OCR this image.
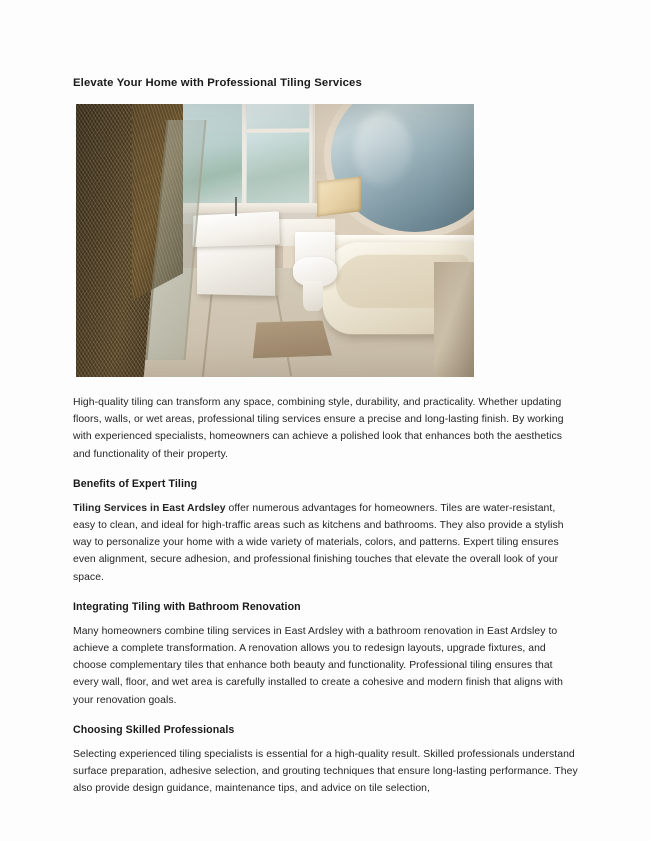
Elevate Your Home with Professional Tiling Services

High-quality tiling can transform any space, combining style, durability, and practicality. Whether updating floors, walls, or wet areas, professional tiling services ensure a precise and long-lasting finish. By working with experienced specialists, homeowners can achieve a polished look that enhances both the aesthetics and functionality of their property.

Benefits of Expert Tiling

Tiling Services in East Ardsley offer numerous advantages for homeowners. Tiles are water-resistant, easy to clean, and ideal for high-traffic areas such as kitchens and bathrooms. They also provide a stylish way to personalize your home with a wide variety of materials, colors, and patterns. Expert tiling ensures even alignment, secure adhesion, and professional finishing touches that elevate the overall look of your space.

Integrating Tiling with Bathroom Renovation

Many homeowners combine tiling services in East Ardsley with a bathroom renovation in East Ardsley to achieve a complete transformation. A renovation allows you to redesign layouts, upgrade fixtures, and choose complementary tiles that enhance both beauty and functionality. Professional tiling ensures that every wall, floor, and wet area is carefully installed to create a cohesive and modern finish that aligns with your renovation goals.

Choosing Skilled Professionals

Selecting experienced tiling specialists is essential for a high-quality result. Skilled professionals understand surface preparation, adhesive selection, and grouting techniques that ensure long-lasting performance. They also provide design guidance, maintenance tips, and advice on tile selection,
